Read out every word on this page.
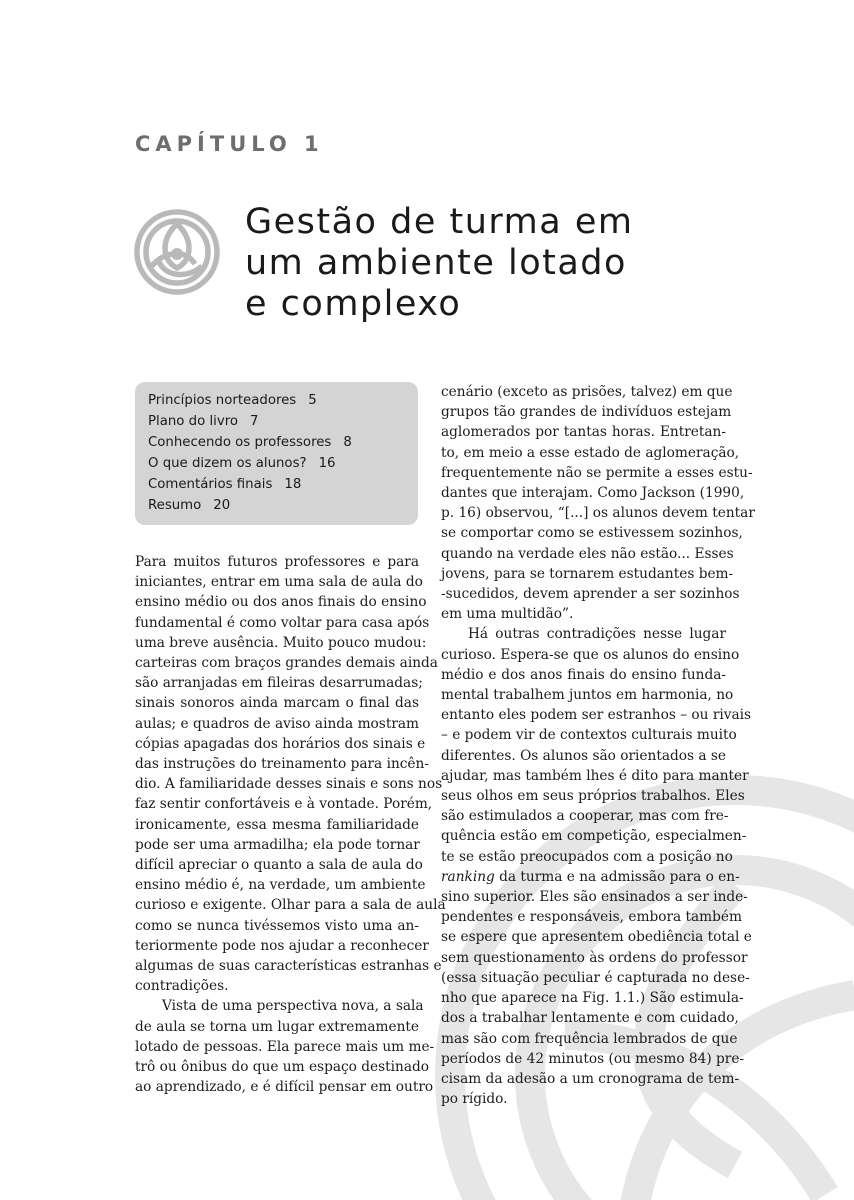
CAPÍTULO 1
Gestão de turma em
um ambiente lotado
e complexo
Princípios norteadores 5
Plano do livro 7
Conhecendo os professores 8
O que dizem os alunos? 16
Comentários finais 18
Resumo 20
Para muitos futuros professores e para
iniciantes, entrar em uma sala de aula do
ensino médio ou dos anos finais do ensino
fundamental é como voltar para casa após
uma breve ausência. Muito pouco mudou:
carteiras com braços grandes demais ainda
são arranjadas em fileiras desarrumadas;
sinais sonoros ainda marcam o final das
aulas; e quadros de aviso ainda mostram
cópias apagadas dos horários dos sinais e
das instruções do treinamento para incên-
dio. A familiaridade desses sinais e sons nos
faz sentir confortáveis e à vontade. Porém,
ironicamente, essa mesma familiaridade
pode ser uma armadilha; ela pode tornar
difícil apreciar o quanto a sala de aula do
ensino médio é, na verdade, um ambiente
curioso e exigente. Olhar para a sala de aula
como se nunca tivéssemos visto uma an-
teriormente pode nos ajudar a reconhecer
algumas de suas características estranhas e
contradições.
Vista de uma perspectiva nova, a sala
de aula se torna um lugar extremamente
lotado de pessoas. Ela parece mais um me-
trô ou ônibus do que um espaço destinado
ao aprendizado, e é difícil pensar em outro
cenário (exceto as prisões, talvez) em que
grupos tão grandes de indivíduos estejam
aglomerados por tantas horas. Entretan-
to, em meio a esse estado de aglomeração,
frequentemente não se permite a esses estu-
dantes que interajam. Como Jackson (1990,
p. 16) observou, “[...] os alunos devem tentar
se comportar como se estivessem sozinhos,
quando na verdade eles não estão... Esses
jovens, para se tornarem estudantes bem-
-sucedidos, devem aprender a ser sozinhos
em uma multidão”.
Há outras contradições nesse lugar
curioso. Espera-se que os alunos do ensino
médio e dos anos finais do ensino funda-
mental trabalhem juntos em harmonia, no
entanto eles podem ser estranhos – ou rivais
– e podem vir de contextos culturais muito
diferentes. Os alunos são orientados a se
ajudar, mas também lhes é dito para manter
seus olhos em seus próprios trabalhos. Eles
são estimulados a cooperar, mas com fre-
quência estão em competição, especialmen-
te se estão preocupados com a posição no
ranking da turma e na admissão para o en-
sino superior. Eles são ensinados a ser inde-
pendentes e responsáveis, embora também
se espere que apresentem obediência total e
sem questionamento às ordens do professor
(essa situação peculiar é capturada no dese-
nho que aparece na Fig. 1.1.) São estimula-
dos a trabalhar lentamente e com cuidado,
mas são com frequência lembrados de que
períodos de 42 minutos (ou mesmo 84) pre-
cisam da adesão a um cronograma de tem-
po rígido.
